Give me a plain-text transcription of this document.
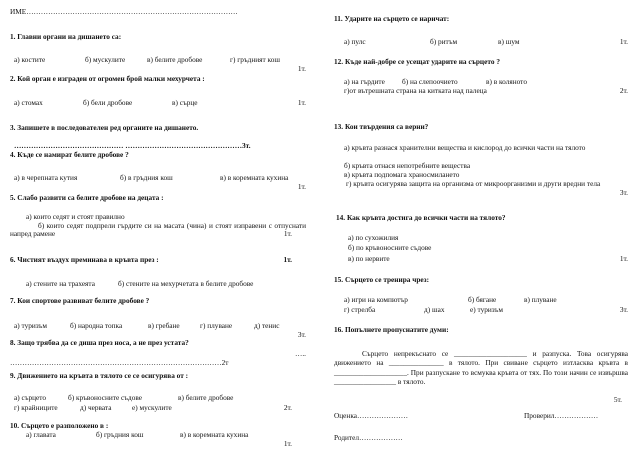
ИМЕ……………………………………………………………………………
1. Главни органи на дишането са:
а) костите	б) мускулите	в) белите дробове	г) гръдният кош
1т.
2. Кой орган е изграден от огромен брой малки мехурчета :
а) стомах	б) бели дробове	в) сърце	1т.
3. Запишете в последователен ред органите на дишането.
……………………………………… …………………………………………3т.
4. Къде се намират белите дробове ?
а) в черепната кутия	б) в гръдния кош	в) в коремната кухина
1т.
5. Слабо развити са белите дробове на децата :
а) които седят и стоят правилно
б) които седят подпрели гърдите си на масата (чина) и стоят изправени с отпуснати напред рамене	1т.
6. Чистият въздух преминава в кръвта през :
а) стените на трахеята	б) стените на мехурчетата в белите дробове
1т.
7. Кои спортове развиват белите дробове ?
а) туризъм	б) народна топка	в) гребане	г) плуване	д) тенис
3т.
8. Защо трябва да се диша през носа, а не през устата?
…..
……………………………………………………………………………2т
9. Движението на кръвта в тялото се се осигурява от :
а) сърцето	б) кръвоносните съдове	в) белите дробове
г) крайниците	д) червата	е) мускулите	2т.
10. Сърцето е разположено в :
а) главата	б) гръдния кош	в) в коремната кухина
1т.
11. Ударите на сърцето се наричат:
а) пулс	б) ритъм	в) шум	1т.
12. Къде най-добре се усещат ударите на сърцето ?
а) на гърдите б) на слепоочието	в) в колянотo
г)от вътрешната страна на китката над палеца	2т.
13. Кои твърдения са верни?
а) кръвта разнася хранителни вещества и кислород до всички части на тялото
б) кръвта отнася непотребните вещества
в) кръвта подпомага храносмилането
г) кръвта осигурява защита на организма от микроорганизми и други вредни тела
3т.
14. Как кръвта достига до всички части на тялото?
а) по сухожилия
б) по кръвоносните съдове
в) по нервите	1т.
15. Сърцето се тренира чрез:
а) игри на компютър	б) бягане	в) плуване
г) стрелба	д) шах	е) туризъм	3т.
16. Попълнете пропуснатите думи:
Сърцето непрекъснато се ____________________ и разпуска. Това осигурява движението на _______________ в тялото. При свиване сърцето изтласква кръвта в ____________________. При разпускане то всмуква кръвта от тях. По този начин се извършва _________________ в тялото.
5т.
Оценка…………………	Проверил………………
Родител………………
